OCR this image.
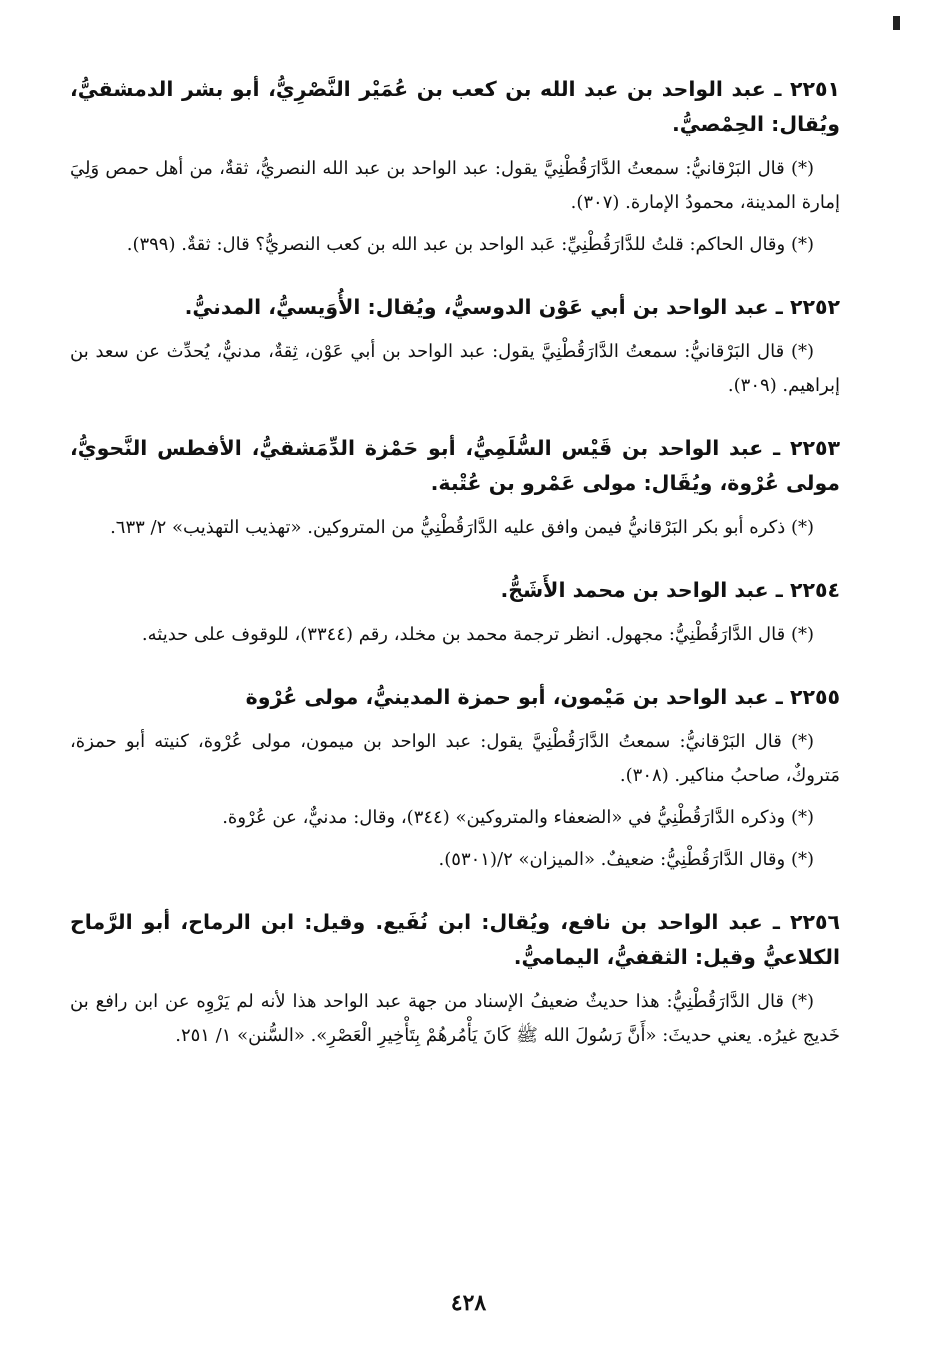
٢٢٥١ ـ عبد الواحد بن عبد الله بن كعب بن عُمَيْر النَّصْرِيُّ، أبو بشر الدمشقيُّ، ويُقال: الحِمْصيُّ.
(*) قال البَرْقانيُّ: سمعتُ الدَّارَقُطْنِيَّ يقول: عبد الواحد بن عبد الله النصريُّ، ثقةٌ، من أهل حمص وَلِيَ إمارة المدينة، محمودُ الإمارة. (٣٠٧).
(*) وقال الحاكم: قلتُ للدَّارَقُطْنِيِّ: عَبد الواحد بن عبد الله بن كعب النصريُّ؟ قال: ثقةٌ. (٣٩٩).
٢٢٥٢ ـ عبد الواحد بن أبي عَوْن الدوسيُّ، ويُقال: الأُوَيسيُّ، المدنيُّ.
(*) قال البَرْقانيُّ: سمعتُ الدَّارَقُطْنِيَّ يقول: عبد الواحد بن أبي عَوْن، ثِقةٌ، مدنيٌّ، يُحدِّث عن سعد بن إبراهيم. (٣٠٩).
٢٢٥٣ ـ عبد الواحد بن قَيْس السُّلَمِيُّ، أبو حَمْزة الدِّمَشقيُّ، الأفطس النَّحويُّ، مولى عُرْوة، ويُقَال: مولى عَمْرو بن عُتْبة.
(*) ذكره أبو بكر البَرْقانيُّ فيمن وافق عليه الدَّارَقُطْنِيُّ من المتروكين. «تهذيب التهذيب» ٢/ ٦٣٣.
٢٢٥٤ ـ عبد الواحد بن محمد الأَشَجُّ.
(*) قال الدَّارَقُطْنِيُّ: مجهول. انظر ترجمة محمد بن مخلد، رقم (٣٣٤٤)، للوقوف على حديثه.
٢٢٥٥ ـ عبد الواحد بن مَيْمون، أبو حمزة المدينيُّ، مولى عُرْوة
(*) قال البَرْقانيُّ: سمعتُ الدَّارَقُطْنِيَّ يقول: عبد الواحد بن ميمون، مولى عُرْوة، كنيته أبو حمزة، مَتروكٌ، صاحبُ مناكير. (٣٠٨).
(*) وذكره الدَّارَقُطْنِيُّ في «الضعفاء والمتروكين» (٣٤٤)، وقال: مدنيٌّ، عن عُرْوة.
(*) وقال الدَّارَقُطْنِيُّ: ضعيفٌ. «الميزان» ٢/(٥٣٠١).
٢٢٥٦ ـ عبد الواحد بن نافع، ويُقال: ابن نُفَيع. وقيل: ابن الرماح، أبو الرَّماح الكلاعيُّ وقيل: الثقفيُّ، اليماميُّ.
(*) قال الدَّارَقُطْنِيُّ: هذا حديثٌ ضعيفُ الإسناد من جهة عبد الواحد هذا لأنه لم يَرْوِه عن ابن رافع بن خَديج غيرُه. يعني حديثَ: «أَنَّ رَسُولَ الله ﷺ كَانَ يَأْمُرهُمْ بِتَأْخِيرِ الْعَصْرِ». «السُّنن» ١/ ٢٥١.
٤٢٨
